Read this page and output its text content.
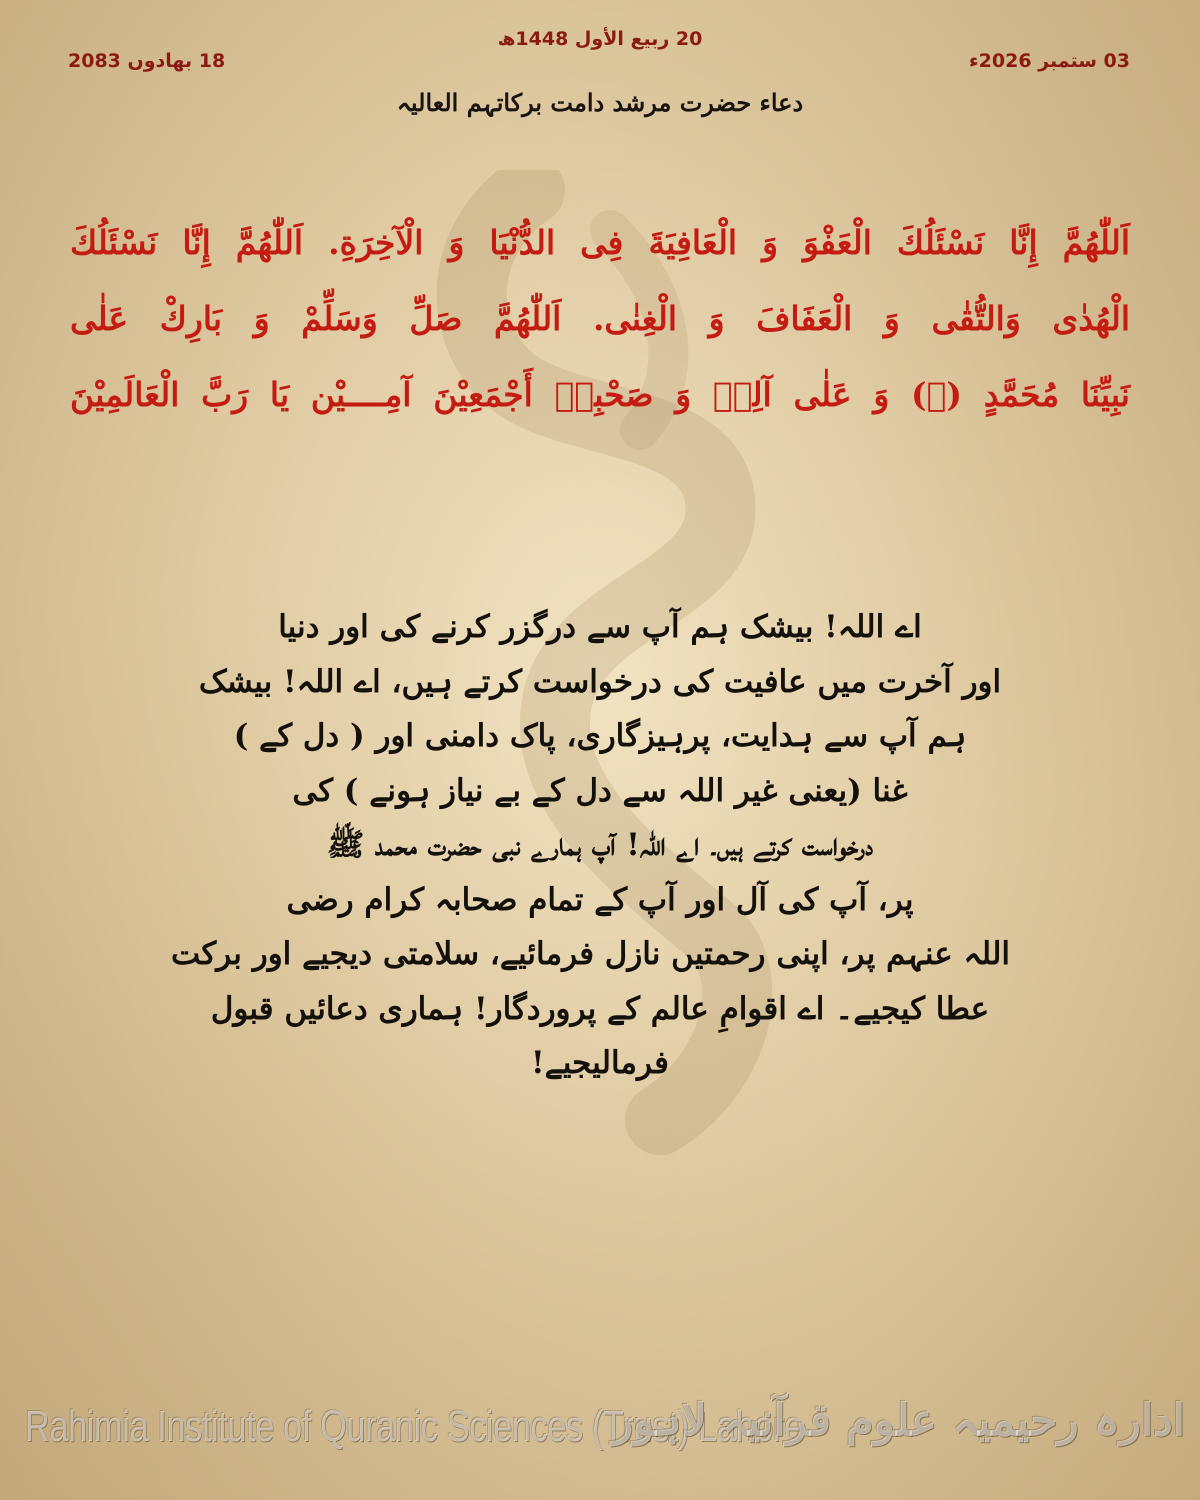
03 ستمبر 2026ء
20 ربیع الأول 1448ھ
18 بھادوں 2083
دعاء حضرت مرشد دامت برکاتہم العالیہ
اَللّٰهُمَّ إِنَّا نَسْئَلُكَ الْعَفْوَ وَ الْعَافِيَةَ فِى الدُّنْيَا وَ الْآخِرَةِ. اَللّٰهُمَّ إِنَّا نَسْئَلُكَ
الْهُدٰى وَالتُّقٰى وَ الْعَفَافَ وَ الْغِنٰى. اَللّٰهُمَّ صَلِّ وَسَلِّمْ وَ بَارِكْ عَلٰى
نَبِيِّنَا مُحَمَّدٍ (ﷺ) وَ عَلٰى آلِهٖ وَ صَحْبِهٖ أَجْمَعِيْنَ آمِــــيْن يَا رَبَّ الْعَالَمِيْنَ
اے اللہ! بیشک ہم آپ سے درگزر کرنے کی اور دنیا
اور آخرت میں عافیت کی درخواست کرتے ہیں، اے اللہ! بیشک
ہم آپ سے ہدایت، پرہیزگاری، پاک دامنی اور ( دل کے )
غنا (یعنی غیر اللہ سے دل کے بے نیاز ہونے ) کی
درخواست کرتے ہیں۔ اے اللہ! آپ ہمارے نبی حضرت محمد ﷺ
پر، آپ کی آل اور آپ کے تمام صحابہ کرام رضی
اللہ عنہم پر، اپنی رحمتیں نازل فرمائیے، سلامتی دیجیے اور برکت
عطا کیجیے۔ اے اقوامِ عالم کے پروردگار! ہماری دعائیں قبول
فرمالیجیے!
Rahimia Institute of Quranic Sciences (Trust) Lahore
ادارہ رحیمیہ علوم قرآنیہ لاہور
